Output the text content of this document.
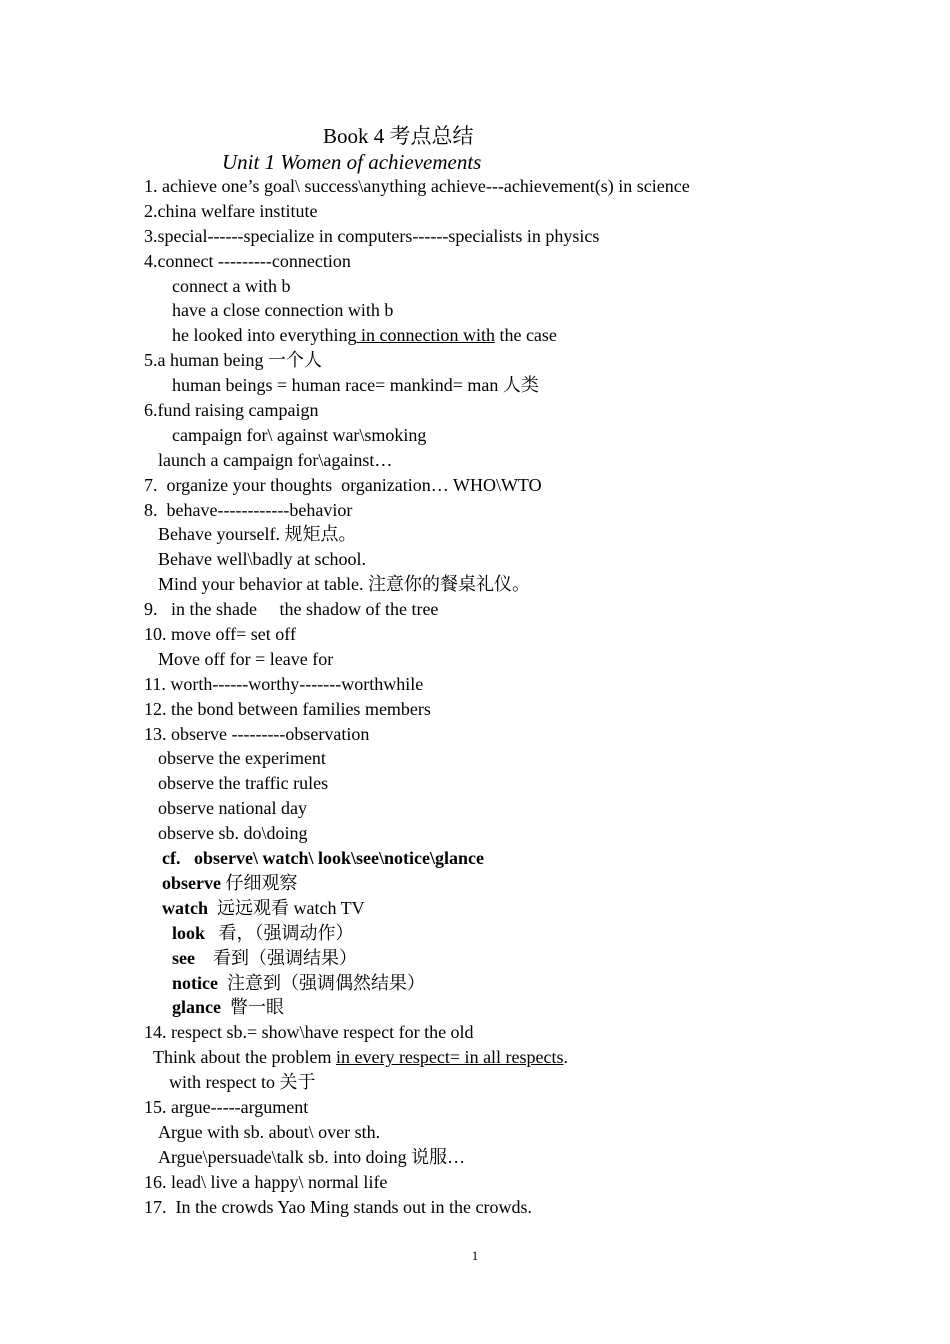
Book 4 考点总结
Unit 1 Women of achievements
1. achieve one’s goal\ success\anything achieve---achievement(s) in science
2.china welfare institute
3.special------specialize in computers------specialists in physics
4.connect ---------connection
connect a with b
have a close connection with b
he looked into everything in connection with the case
5.a human being 一个人
human beings = human race= mankind= man 人类
6.fund raising campaign
campaign for\ against war\smoking
launch a campaign for\against…
7.  organize your thoughts  organization… WHO\WTO
8.  behave------------behavior
Behave yourself. 规矩点。
Behave well\badly at school.
Mind your behavior at table. 注意你的餐桌礼仪。
9.   in the shade     the shadow of the tree
10. move off= set off
Move off for = leave for
11. worth------worthy-------worthwhile
12. the bond between families members
13. observe ---------observation
observe the experiment
observe the traffic rules
observe national day
observe sb. do\doing
cf.   observe\ watch\ look\see\notice\glance
observe 仔细观察
watch  远远观看 watch TV
look   看，（强调动作）
see    看到（强调结果）
notice  注意到（强调偶然结果）
glance  瞥一眼
14. respect sb.= show\have respect for the old
Think about the problem in every respect= in all respects.
with respect to 关于
15. argue-----argument
Argue with sb. about\ over sth.
Argue\persuade\talk sb. into doing 说服…
16. lead\ live a happy\ normal life
17.  In the crowds Yao Ming stands out in the crowds.
1
